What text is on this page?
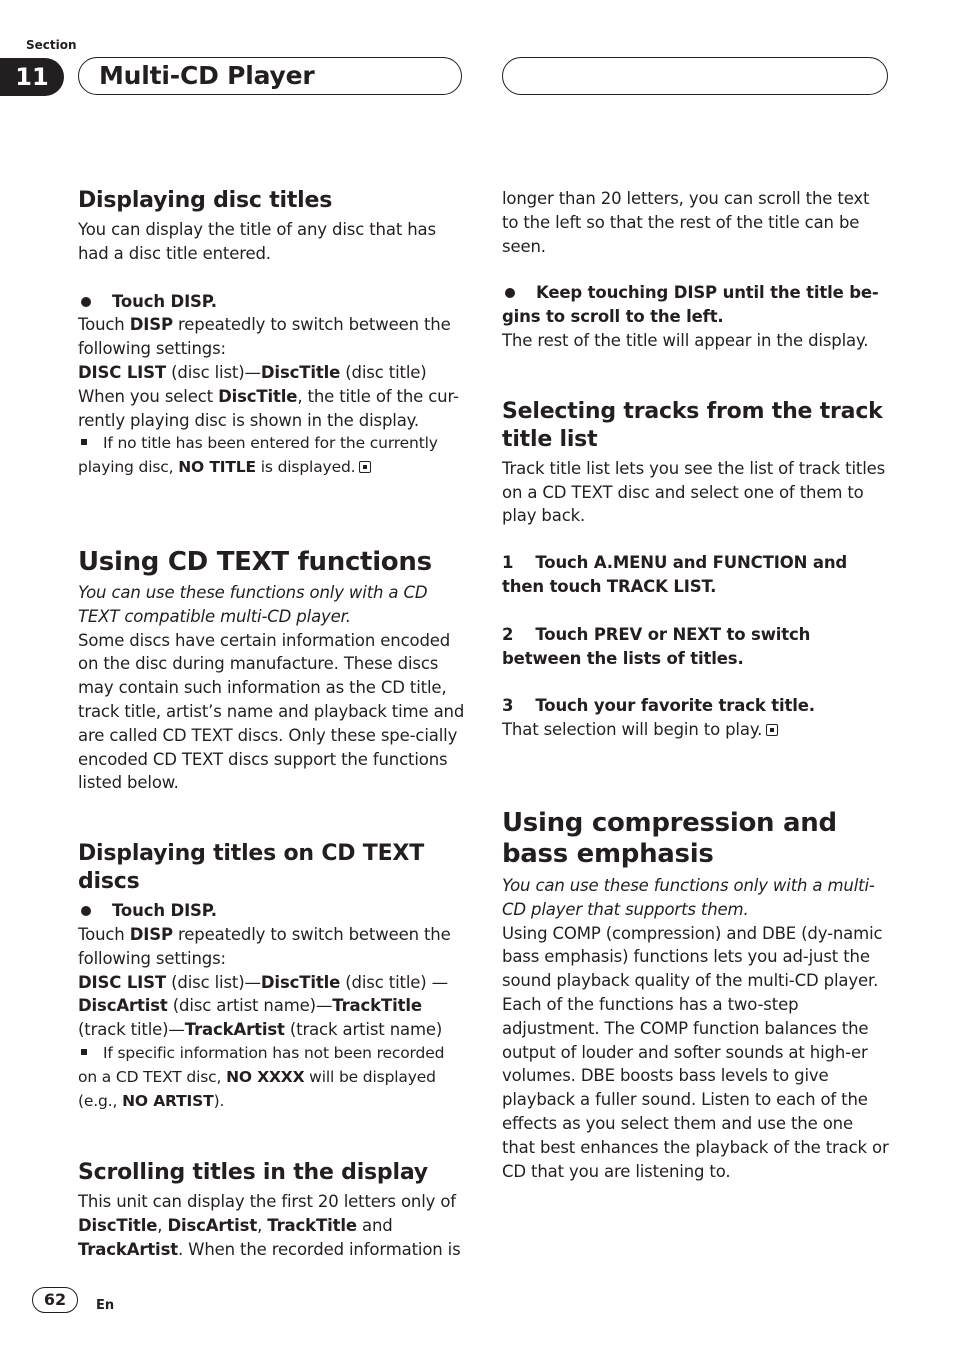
Section
11	Multi-CD Player
Displaying disc titles

You can display the title of any disc that has had a disc title entered.

Touch DISP.

Touch DISP repeatedly to switch between the following settings:

DISC LIST (disc list)—DiscTitle (disc title)

When you select DiscTitle, the title of the cur-rently playing disc is shown in the display.

If no title has been entered for the currently playing disc, NO TITLE is displayed.

Using CD TEXT functions

You can use these functions only with a CD TEXT compatible multi-CD player.

Some discs have certain information encoded on the disc during manufacture. These discs may contain such information as the CD title, track title, artist’s name and playback time and are called CD TEXT discs. Only these spe-cially encoded CD TEXT discs support the functions listed below.

Displaying titles on CD TEXT discs

Touch DISP.

Touch DISP repeatedly to switch between the following settings:

DISC LIST (disc list)—DiscTitle (disc title) —DiscArtist (disc artist name)—TrackTitle (track title)—TrackArtist (track artist name)

If specific information has not been recorded on a CD TEXT disc, NO XXXX will be displayed (e.g., NO ARTIST).

Scrolling titles in the display

This unit can display the first 20 letters only of DiscTitle, DiscArtist, TrackTitle and TrackArtist. When the recorded information is

longer than 20 letters, you can scroll the text to the left so that the rest of the title can be seen.

Keep touching DISP until the title be-gins to scroll to the left.

The rest of the title will appear in the display.

Selecting tracks from the track title list

Track title list lets you see the list of track titles on a CD TEXT disc and select one of them to play back.

1 Touch A.MENU and FUNCTION and then touch TRACK LIST.

2 Touch PREV or NEXT to switch between the lists of titles.

3 Touch your favorite track title.

That selection will begin to play.

Using compression and bass emphasis

You can use these functions only with a multi-CD player that supports them.

Using COMP (compression) and DBE (dy-namic bass emphasis) functions lets you ad-just the sound playback quality of the multi-CD player. Each of the functions has a two-step adjustment. The COMP function balances the output of louder and softer sounds at high-er volumes. DBE boosts bass levels to give playback a fuller sound. Listen to each of the effects as you select them and use the one that best enhances the playback of the track or CD that you are listening to.

62	En
